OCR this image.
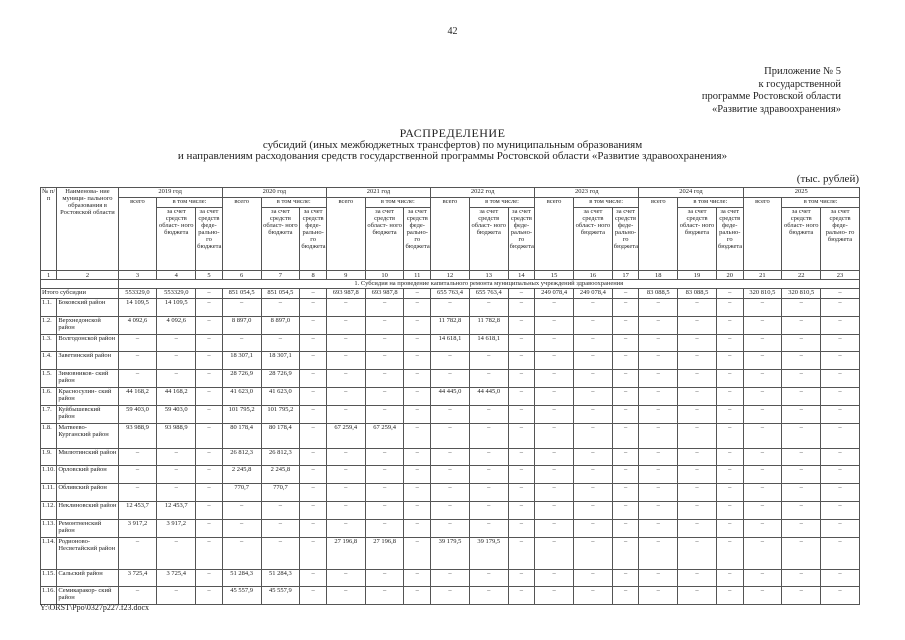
42
Приложение № 5
к государственной
программе Ростовской области
«Развитие здравоохранения»
РАСПРЕДЕЛЕНИЕ
субсидий (иных межбюджетных трансфертов) по муниципальным образованиям
и направлениям расходования средств государственной программы Ростовской области «Развитие здравоохранения»
(тыс. рублей)
№ п/п	Наименова- ние муници- пального образования в Ростовской области	2019 год			2020 год			2021 год			2022 год			2023 год			2024 год			2025		
		всего	в том числе:		всего	в том числе:		всего	в том числе:		всего	в том числе:		всего	в том числе:		всего	в том числе:		всего	в том числе:	
			за счет средств област- ного бюджета	за счет средств феде- рально- го бюджета		за счет средств област- ного бюджета	за счет средств феде- рально- го бюджета		за счет средств област- ного бюджета	за счет средств феде- рально- го бюджета		за счет средств област- ного бюджета	за счет средств феде- рально- го бюджета		за счет средств област- ного бюджета	за счет средств феде- рально- го бюджета		за счет средств област- ного бюджета	за счет средств феде- рально- го бюджета		за счет средств област- ного бюджета	за счет средств феде- рально- го бюджета
1	2	3	4	5	6	7	8	9	10	11	12	13	14	15	16	17	18	19	20	21	22	23
		1. Субсидия на проведение капитального ремонта муниципальных учреждений здравоохранения																				
Итого субсидии		553329,0	553329,0	–	851 054,5	851 054,5	–	693 987,8	693 987,8	–	655 763,4	655 763,4	–	249 078,4	249 078,4	–	83 088,5	83 088,5	–	320 810,5	320 810,5	–
1.1.	Боковский район	14 109,5	14 109,5	–	–	–	–	–	–	–	–	–	–	–	–	–	–	–	–	–	–	–
1.2.	Верхнедонской район	4 092,6	4 092,6	–	8 897,0	8 897,0	–	–	–	–	11 782,8	11 782,8	–	–	–	–	–	–	–	–	–	–
1.3.	Волгодонской район	–	–	–	–	–	–	–	–	–	14 618,1	14 618,1	–	–	–	–	–	–	–	–	–	–
1.4.	Заветинский район	–	–	–	18 307,1	18 307,1	–	–	–	–	–	–	–	–	–	–	–	–	–	–	–	–
1.5.	Зимовников- ский район	–	–	–	28 726,9	28 726,9	–	–	–	–	–	–	–	–	–	–	–	–	–	–	–	–
1.6.	Красносулин- ский район	44 168,2	44 168,2	–	41 623,0	41 623,0	–	–	–	–	44 445,0	44 445,0	–	–	–	–	–	–	–	–	–	–
1.7.	Куйбышевский район	59 403,0	59 403,0	–	101 795,2	101 795,2	–	–	–	–	–	–	–	–	–	–	–	–	–	–	–	–
1.8.	Матвеево- Курганский район	93 988,9	93 988,9	–	80 178,4	80 178,4	–	67 259,4	67 259,4	–	–	–	–	–	–	–	–	–	–	–	–	–
1.9.	Милютинский район	–	–	–	26 812,3	26 812,3	–	–	–	–	–	–	–	–	–	–	–	–	–	–	–	–
1.10.	Орловский район	–	–	–	2 245,8	2 245,8	–	–	–	–	–	–	–	–	–	–	–	–	–	–	–	–
1.11.	Обливский район	–	–	–	770,7	770,7	–	–	–	–	–	–	–	–	–	–	–	–	–	–	–	–
1.12.	Неклиновский район	12 453,7	12 453,7	–	–	–	–	–	–	–	–	–	–	–	–	–	–	–	–	–	–	–
1.13.	Ремонтненский район	3 917,2	3 917,2	–	–	–	–	–	–	–	–	–	–	–	–	–	–	–	–	–	–	–
1.14.	Родионово- Несветайский район	–	–	–	–	–	–	27 196,8	27 196,8	–	39 179,5	39 179,5	–	–	–	–	–	–	–	–	–	–
1.15.	Сальский район	3 725,4	3 725,4	–	51 284,3	51 284,3	–	–	–	–	–	–	–	–	–	–	–	–	–	–	–	–
1.16.	Семикаракор- ский район	–	–	–	45 557,9	45 557,9	–	–	–	–	–	–	–	–	–	–	–	–	–	–	–	–
Y:\ORST\Ppo\0327p227.f23.docx
